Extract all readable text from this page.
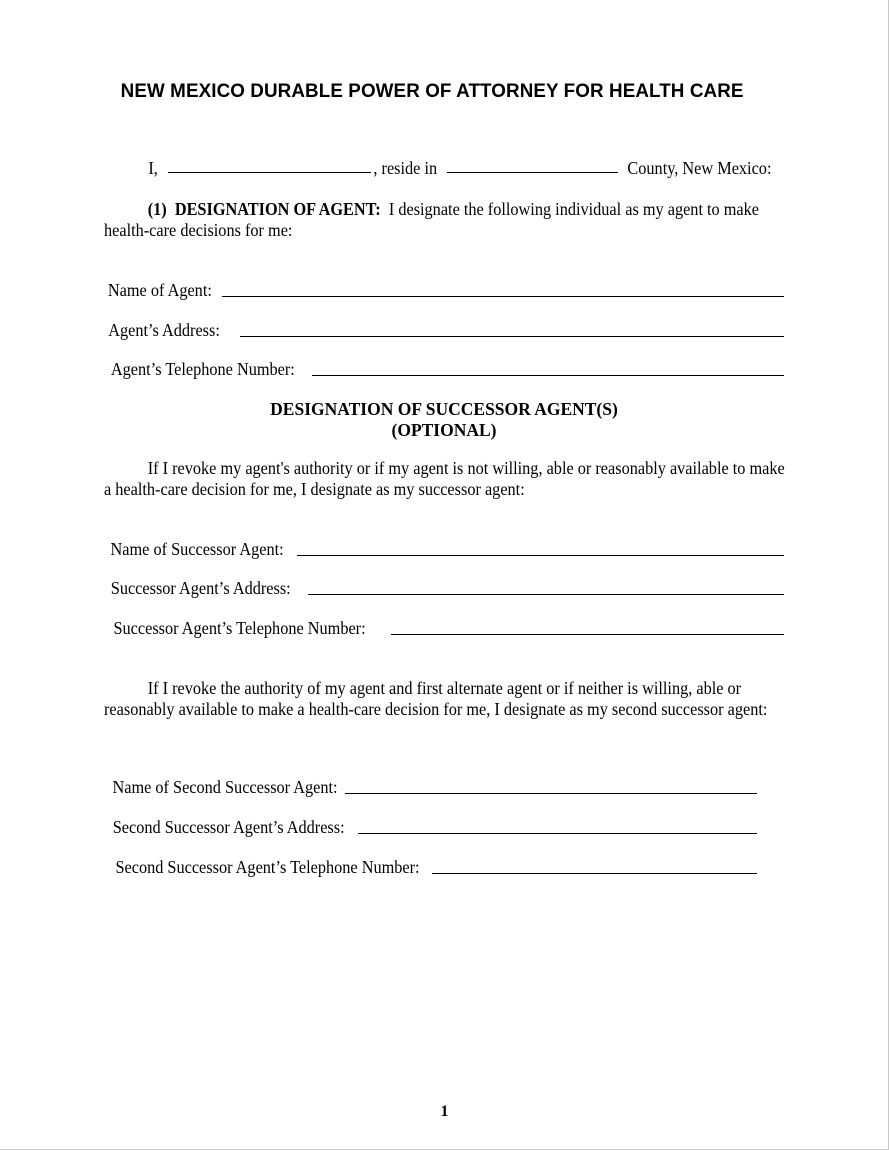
NEW MEXICO DURABLE POWER OF ATTORNEY FOR HEALTH CARE
I,	, reside in	County, New Mexico:
(1) DESIGNATION OF AGENT: I designate the following individual as my agent to make health-care decisions for me:
Name of Agent:
Agent’s Address:
Agent’s Telephone Number:
DESIGNATION OF SUCCESSOR AGENT(S)
(OPTIONAL)
If I revoke my agent's authority or if my agent is not willing, able or reasonably available to make a health-care decision for me, I designate as my successor agent:
Name of Successor Agent:
Successor Agent’s Address:
Successor Agent’s Telephone Number:
If I revoke the authority of my agent and first alternate agent or if neither is willing, able or reasonably available to make a health-care decision for me, I designate as my second successor agent:
Name of Second Successor Agent:
Second Successor Agent’s Address:
Second Successor Agent’s Telephone Number:
1
